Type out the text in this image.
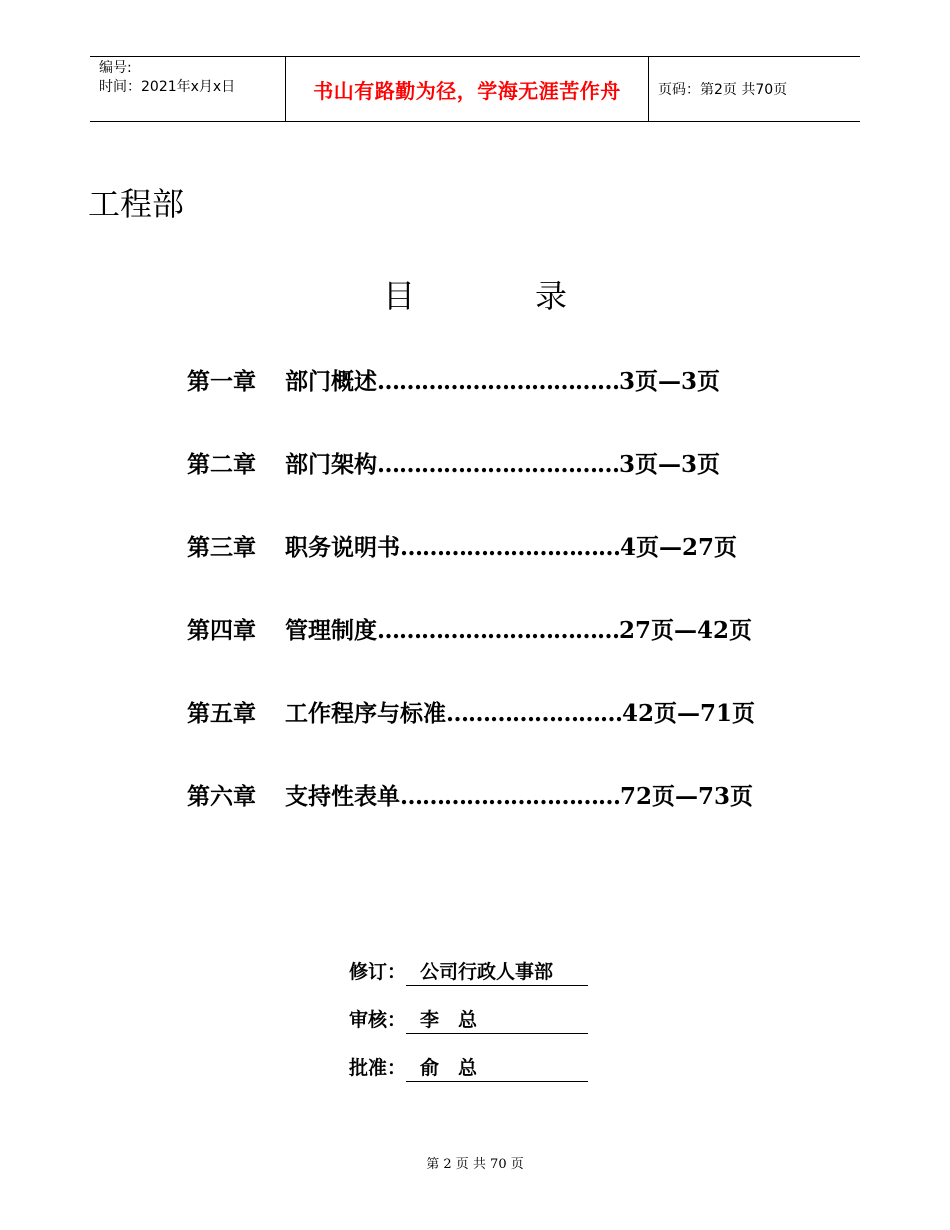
编号:
时间：2021年x月x日	书山有路勤为径，学海无涯苦作舟	页码：第2页 共70页
工程部
目	录
第一章 部门概述……………………………3页—3页
第二章 部门架构……………………………3页—3页
第三章 职务说明书…………………………4页—27页
第四章 管理制度……………………………27页—42页
第五章 工作程序与标准……………………42页—71页
第六章 支持性表单…………………………72页—73页
修订： 公司行政人事部
审核： 李　总
批准： 俞　总
第 2 页 共 70 页
